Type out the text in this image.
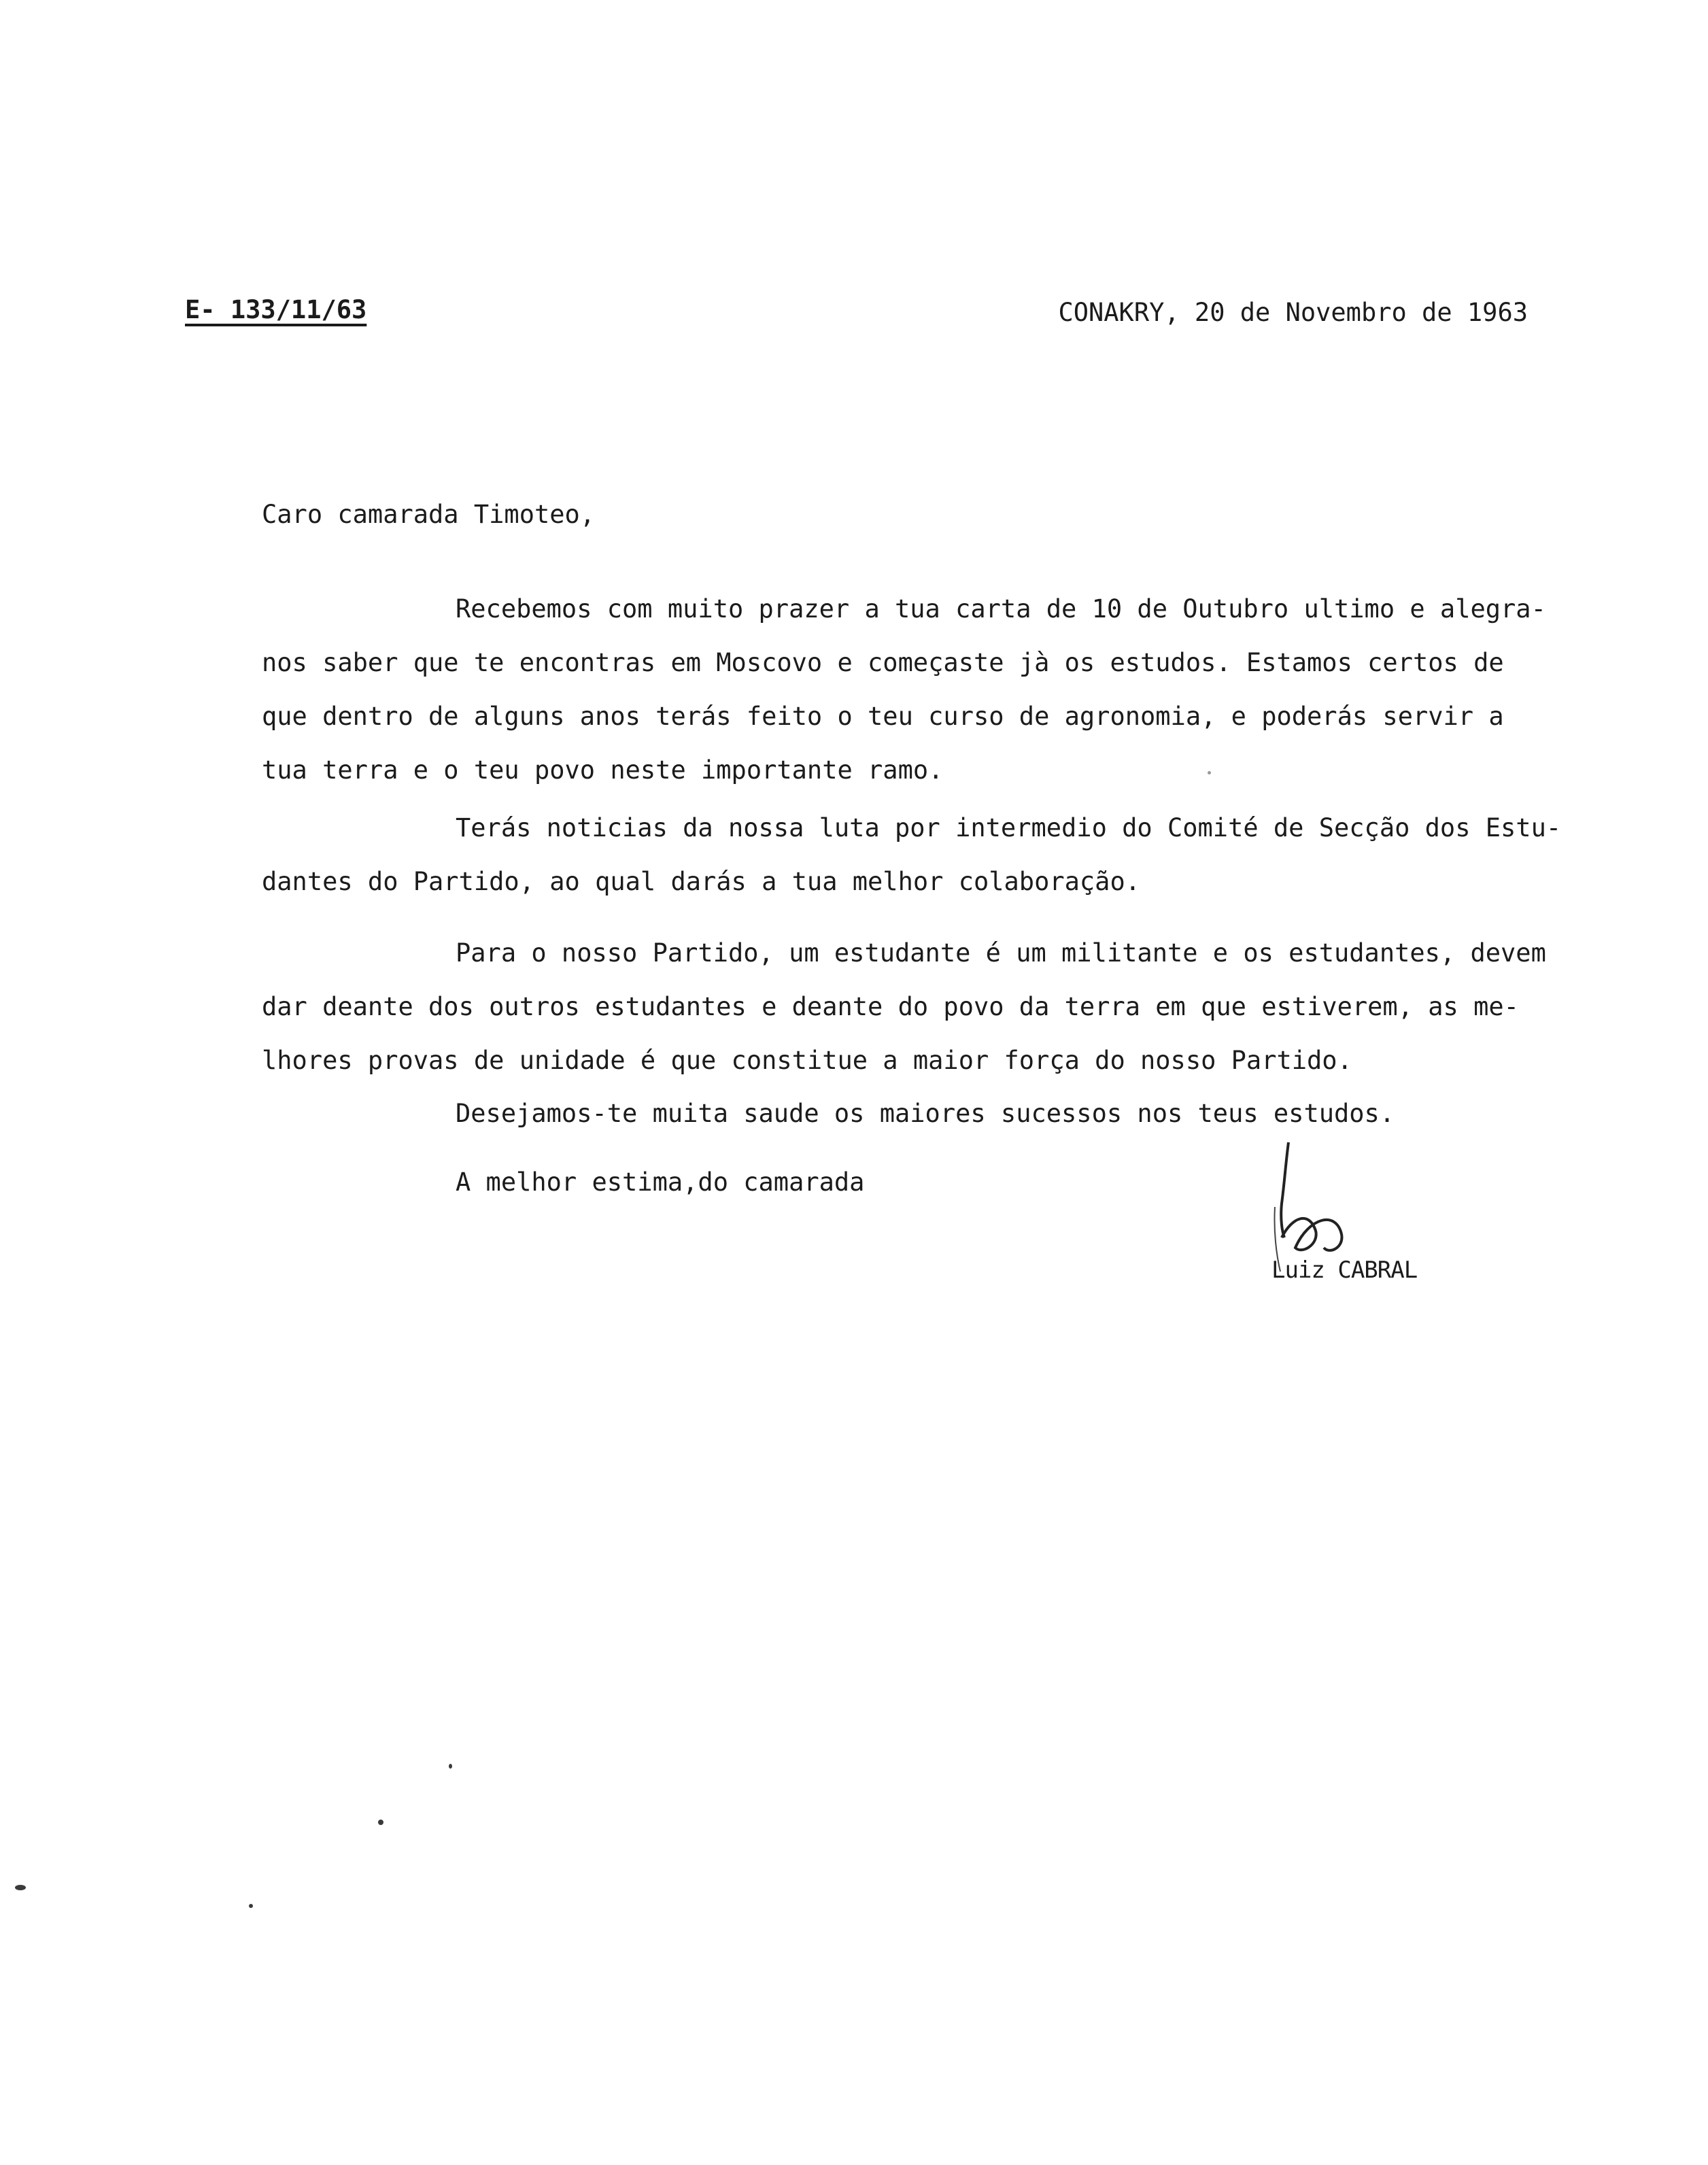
E- 133/11/63	CONAKRY, 20 de Novembro de 1963
Caro camarada Timoteo,
Recebemos com muito prazer a tua carta de 10 de Outubro ultimo e alegra-
nos saber que te encontras em Moscovo e começaste jà os estudos. Estamos certos de
que dentro de alguns anos terás feito o teu curso de agronomia, e poderás servir a
tua terra e o teu povo neste importante ramo.
Terás noticias da nossa luta por intermedio do Comité de Secção dos Estu-
dantes do Partido, ao qual darás a tua melhor colaboração.
Para o nosso Partido, um estudante é um militante e os estudantes, devem
dar deante dos outros estudantes e deante do povo da terra em que estiverem, as me-
lhores provas de unidade é que constitue a maior força do nosso Partido.
Desejamos-te muita saude os maiores sucessos nos teus estudos.
A melhor estima,do camarada
Luiz CABRAL
